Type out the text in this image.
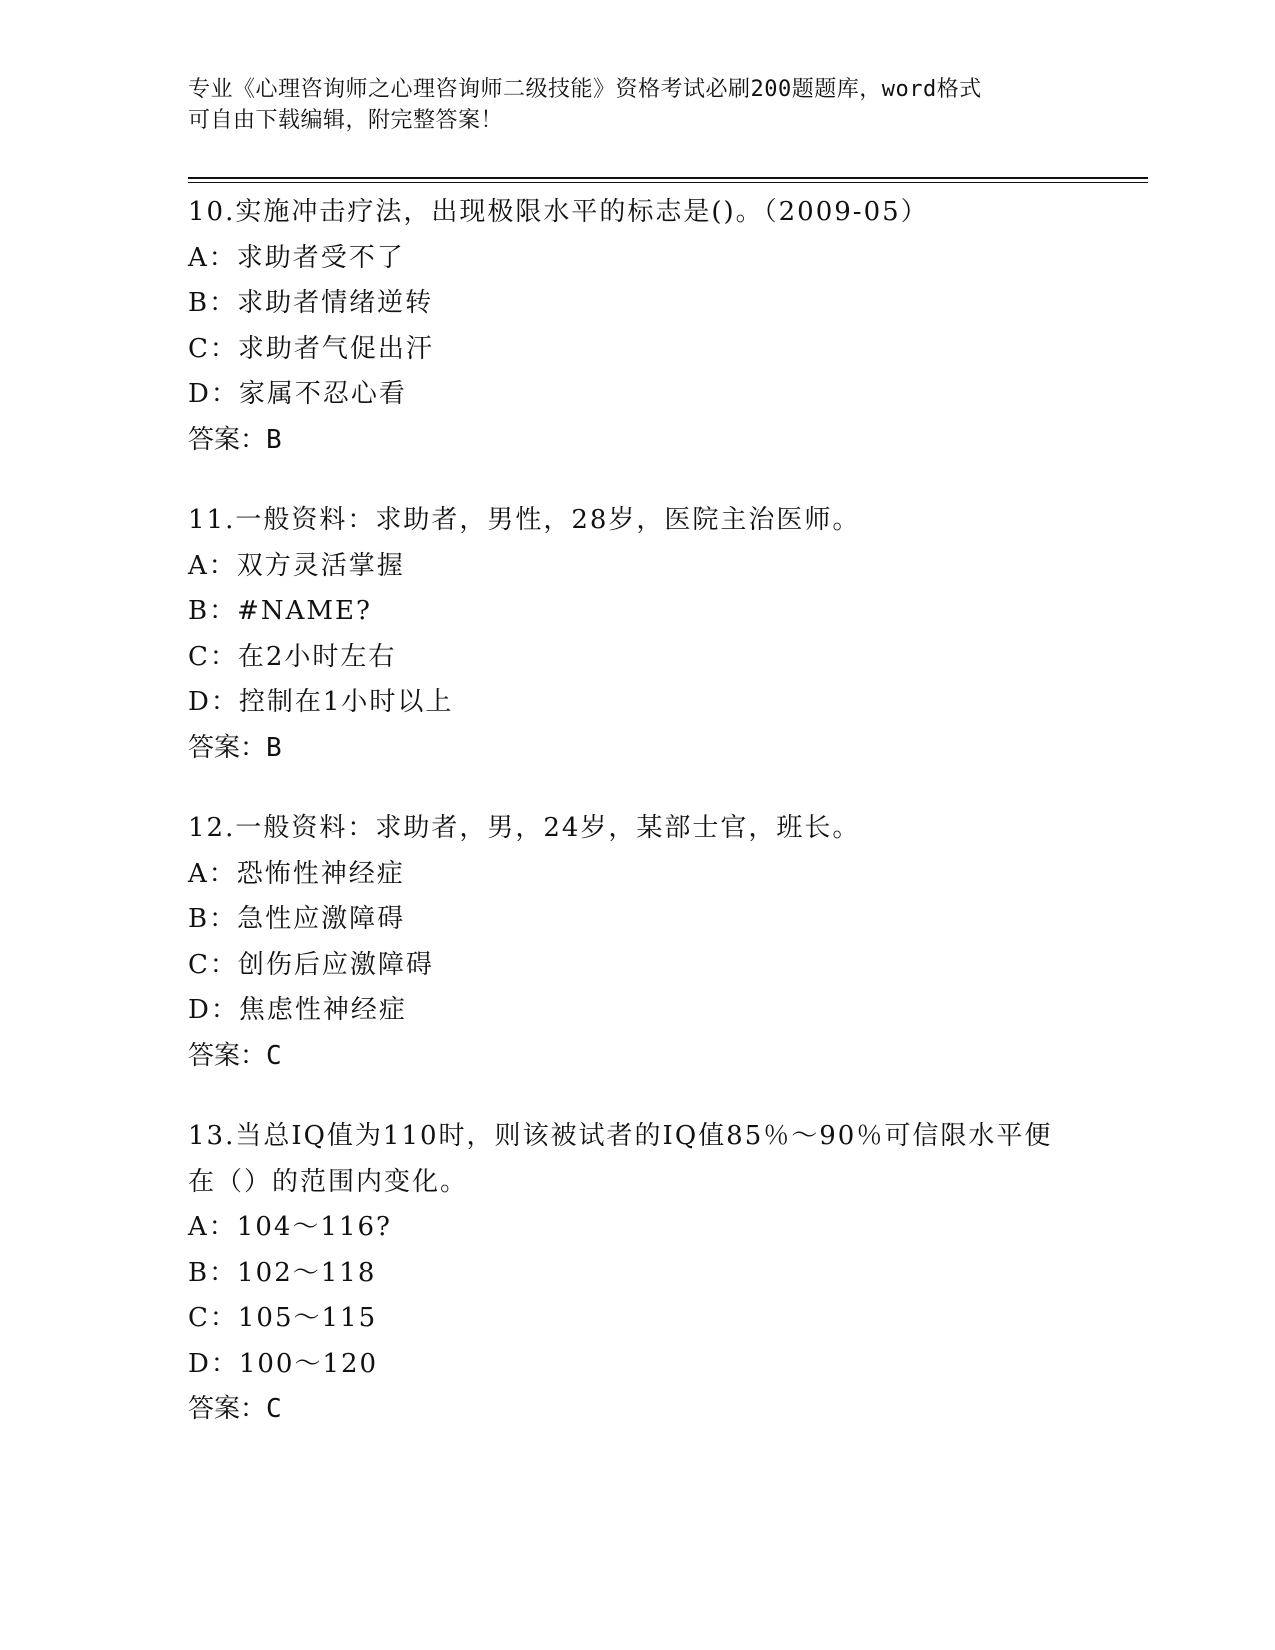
专业《心理咨询师之心理咨询师二级技能》资格考试必刷200题题库，word格式
可自由下载编辑，附完整答案！
10.实施冲击疗法，出现极限水平的标志是()。（2009-05）
A：求助者受不了
B：求助者情绪逆转
C：求助者气促出汗
D：家属不忍心看
答案：B
11.一般资料：求助者，男性，28岁，医院主治医师。
A：双方灵活掌握
B：#NAME?
C：在2小时左右
D：控制在1小时以上
答案：B
12.一般资料：求助者，男，24岁，某部士官，班长。
A：恐怖性神经症
B：急性应激障碍
C：创伤后应激障碍
D：焦虑性神经症
答案：C
13.当总IQ值为110时，则该被试者的IQ值85％～90％可信限水平便
在（）的范围内变化。
A：104～116?
B：102～118
C：105～115
D：100～120
答案：C
